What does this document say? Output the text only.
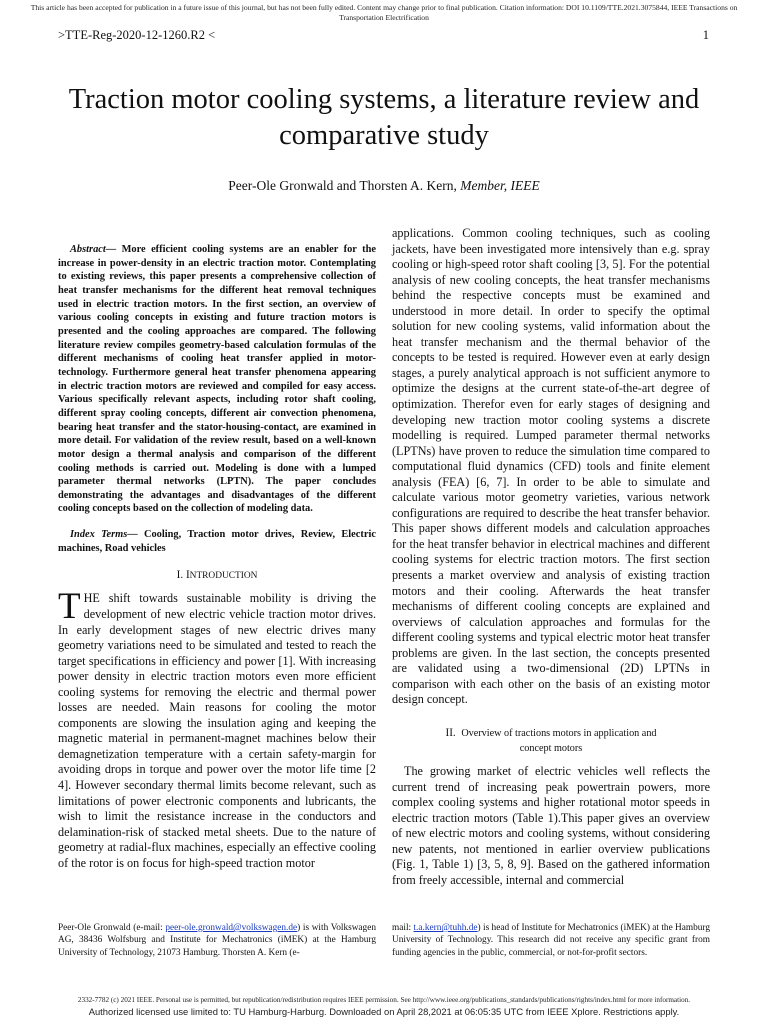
This article has been accepted for publication in a future issue of this journal, but has not been fully edited. Content may change prior to final publication. Citation information: DOI 10.1109/TTE.2021.3075844, IEEE Transactions on Transportation Electrification
>TTE-Reg-2020-12-1260.R2 <	1
Traction motor cooling systems, a literature review and comparative study
Peer-Ole Gronwald and Thorsten A. Kern, Member, IEEE

Abstract— More efficient cooling systems are an enabler for the increase in power-density in an electric traction motor. Contemplating to existing reviews, this paper presents a comprehensive collection of heat transfer mechanisms for the different heat removal techniques used in electric traction motors. In the first section, an overview of various cooling concepts in existing and future traction motors is presented and the cooling approaches are compared. The following literature review compiles geometry-based calculation formulas of the different mechanisms of cooling heat transfer applied in motor-technology. Furthermore general heat transfer phenomena appearing in electric traction motors are reviewed and compiled for easy access. Various specifically relevant aspects, including rotor shaft cooling, different spray cooling concepts, different air convection phenomena, bearing heat transfer and the stator-housing-contact, are examined in more detail. For validation of the review result, based on a well-known motor design a thermal analysis and comparison of the different cooling methods is carried out. Modeling is done with a lumped parameter thermal networks (LPTN). The paper concludes demonstrating the advantages and disadvantages of the different cooling concepts based on the collection of modeling data.

Index Terms— Cooling, Traction motor drives, Review, Electric machines, Road vehicles

I. INTRODUCTION

THE shift towards sustainable mobility is driving the development of new electric vehicle traction motor drives. In early development stages of new electric drives many geometry variations need to be simulated and tested to reach the target specifications in efficiency and power [1]. With increasing power density in electric traction motors even more efficient cooling systems for removing the electric and thermal power losses are needed. Main reasons for cooling the motor components are slowing the insulation aging and keeping the magnetic material in permanent-magnet machines below their demagnetization temperature with a certain safety-margin for avoiding drops in torque and power over the motor life time [2 4]. However secondary thermal limits become relevant, such as limitations of power electronic components and lubricants, the wish to limit the resistance increase in the conductors and delamination-risk of stacked metal sheets. Due to the nature of geometry at radial-flux machines, especially an effective cooling of the rotor is on focus for high-speed traction motor

applications. Common cooling techniques, such as cooling jackets, have been investigated more intensively than e.g. spray cooling or high-speed rotor shaft cooling [3, 5]. For the potential analysis of new cooling concepts, the heat transfer mechanisms behind the respective concepts must be examined and understood in more detail. In order to specify the optimal solution for new cooling systems, valid information about the heat transfer mechanism and the thermal behavior of the concepts to be tested is required. However even at early design stages, a purely analytical approach is not sufficient anymore to optimize the designs at the current state-of-the-art degree of optimization. Therefor even for early stages of designing and developing new traction motor cooling systems a discrete modelling is required. Lumped parameter thermal networks (LPTNs) have proven to reduce the simulation time compared to computational fluid dynamics (CFD) tools and finite element analysis (FEA) [6, 7]. In order to be able to simulate and calculate various motor geometry varieties, various network configurations are required to describe the heat transfer behavior. This paper shows different models and calculation approaches for the heat transfer behavior in electrical machines and different cooling systems for electric traction motors. The first section presents a market overview and analysis of existing traction motors and their cooling. Afterwards the heat transfer mechanisms of different cooling concepts are explained and overviews of calculation approaches and formulas for the different cooling systems and typical electric motor heat transfer problems are given. In the last section, the concepts presented are validated using a two-dimensional (2D) LPTNs in comparison with each other on the basis of an existing motor design concept.

II. Overview of tractions motors in application and
concept motors

The growing market of electric vehicles well reflects the current trend of increasing peak powertrain powers, more complex cooling systems and higher rotational motor speeds in electric traction motors (Table 1).This paper gives an overview of new electric motors and cooling systems, without considering new patents, not mentioned in earlier overview publications (Fig. 1, Table 1) [3, 5, 8, 9]. Based on the gathered information from freely accessible, internal and commercial

Peer-Ole Gronwald (e-mail: peer-ole.gronwald@volkswagen.de) is with Volkswagen AG, 38436 Wolfsburg and Institute for Mechatronics (iMEK) at the Hamburg University of Technology, 21073 Hamburg. Thorsten A. Kern (e-
mail: t.a.kern@tuhh.de) is head of Institute for Mechatronics (iMEK) at the Hamburg University of Technology. This research did not receive any specific grant from funding agencies in the public, commercial, or not-for-profit sectors.
2332-7782 (c) 2021 IEEE. Personal use is permitted, but republication/redistribution requires IEEE permission. See http://www.ieee.org/publications_standards/publications/rights/index.html for more information.
Authorized licensed use limited to: TU Hamburg-Harburg. Downloaded on April 28,2021 at 06:05:35 UTC from IEEE Xplore. Restrictions apply.
